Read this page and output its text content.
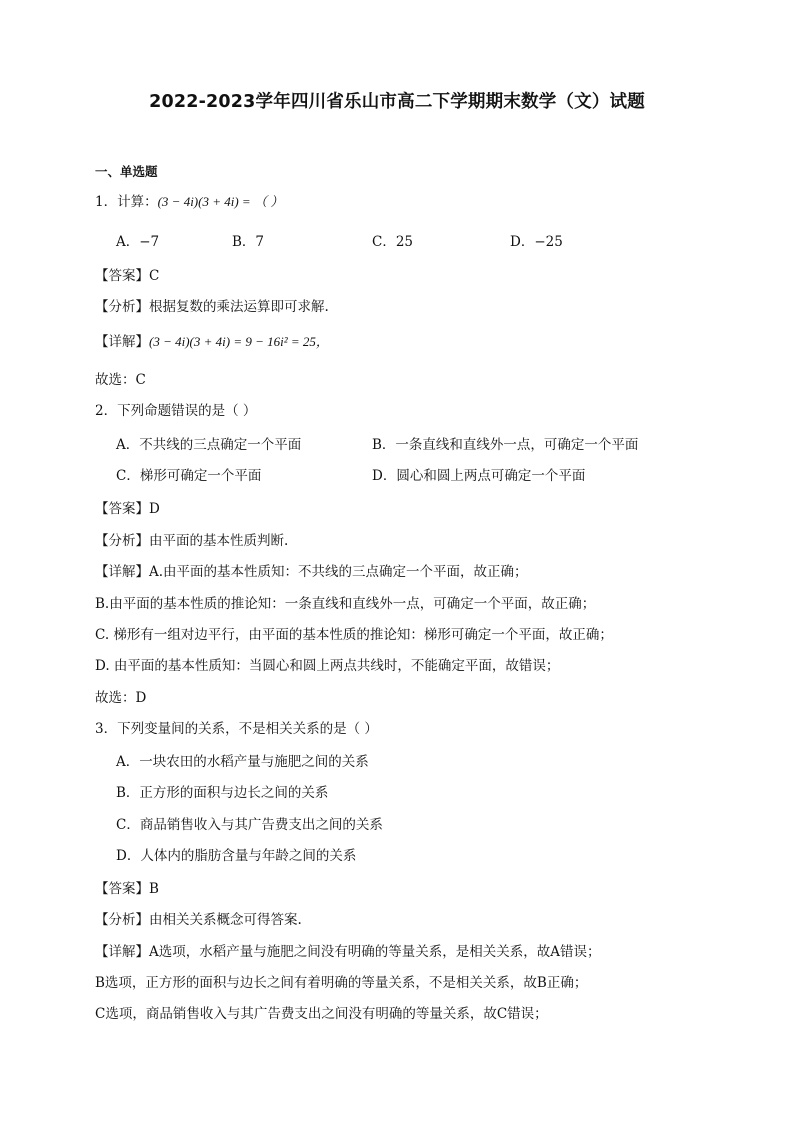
2022-2023学年四川省乐山市高二下学期期末数学（文）试题
一、单选题
1．计算：(3 − 4i)(3 + 4i) = （ ）
A．−7	B．7	C．25	D．−25
【答案】C
【分析】根据复数的乘法运算即可求解.
【详解】(3 − 4i)(3 + 4i) = 9 − 16i² = 25，
故选：C
2．下列命题错误的是（ ）
A．不共线的三点确定一个平面	B．一条直线和直线外一点，可确定一个平面
C．梯形可确定一个平面	D．圆心和圆上两点可确定一个平面
【答案】D
【分析】由平面的基本性质判断.
【详解】A.由平面的基本性质知：不共线的三点确定一个平面，故正确；
B.由平面的基本性质的推论知：一条直线和直线外一点，可确定一个平面，故正确；
C. 梯形有一组对边平行，由平面的基本性质的推论知：梯形可确定一个平面，故正确；
D. 由平面的基本性质知：当圆心和圆上两点共线时，不能确定平面，故错误；
故选：D
3．下列变量间的关系，不是相关关系的是（ ）
A．一块农田的水稻产量与施肥之间的关系
B．正方形的面积与边长之间的关系
C．商品销售收入与其广告费支出之间的关系
D．人体内的脂肪含量与年龄之间的关系
【答案】B
【分析】由相关关系概念可得答案.
【详解】A选项，水稻产量与施肥之间没有明确的等量关系，是相关关系，故A错误；
B选项，正方形的面积与边长之间有着明确的等量关系，不是相关关系，故B正确；
C选项，商品销售收入与其广告费支出之间没有明确的等量关系，故C错误；
